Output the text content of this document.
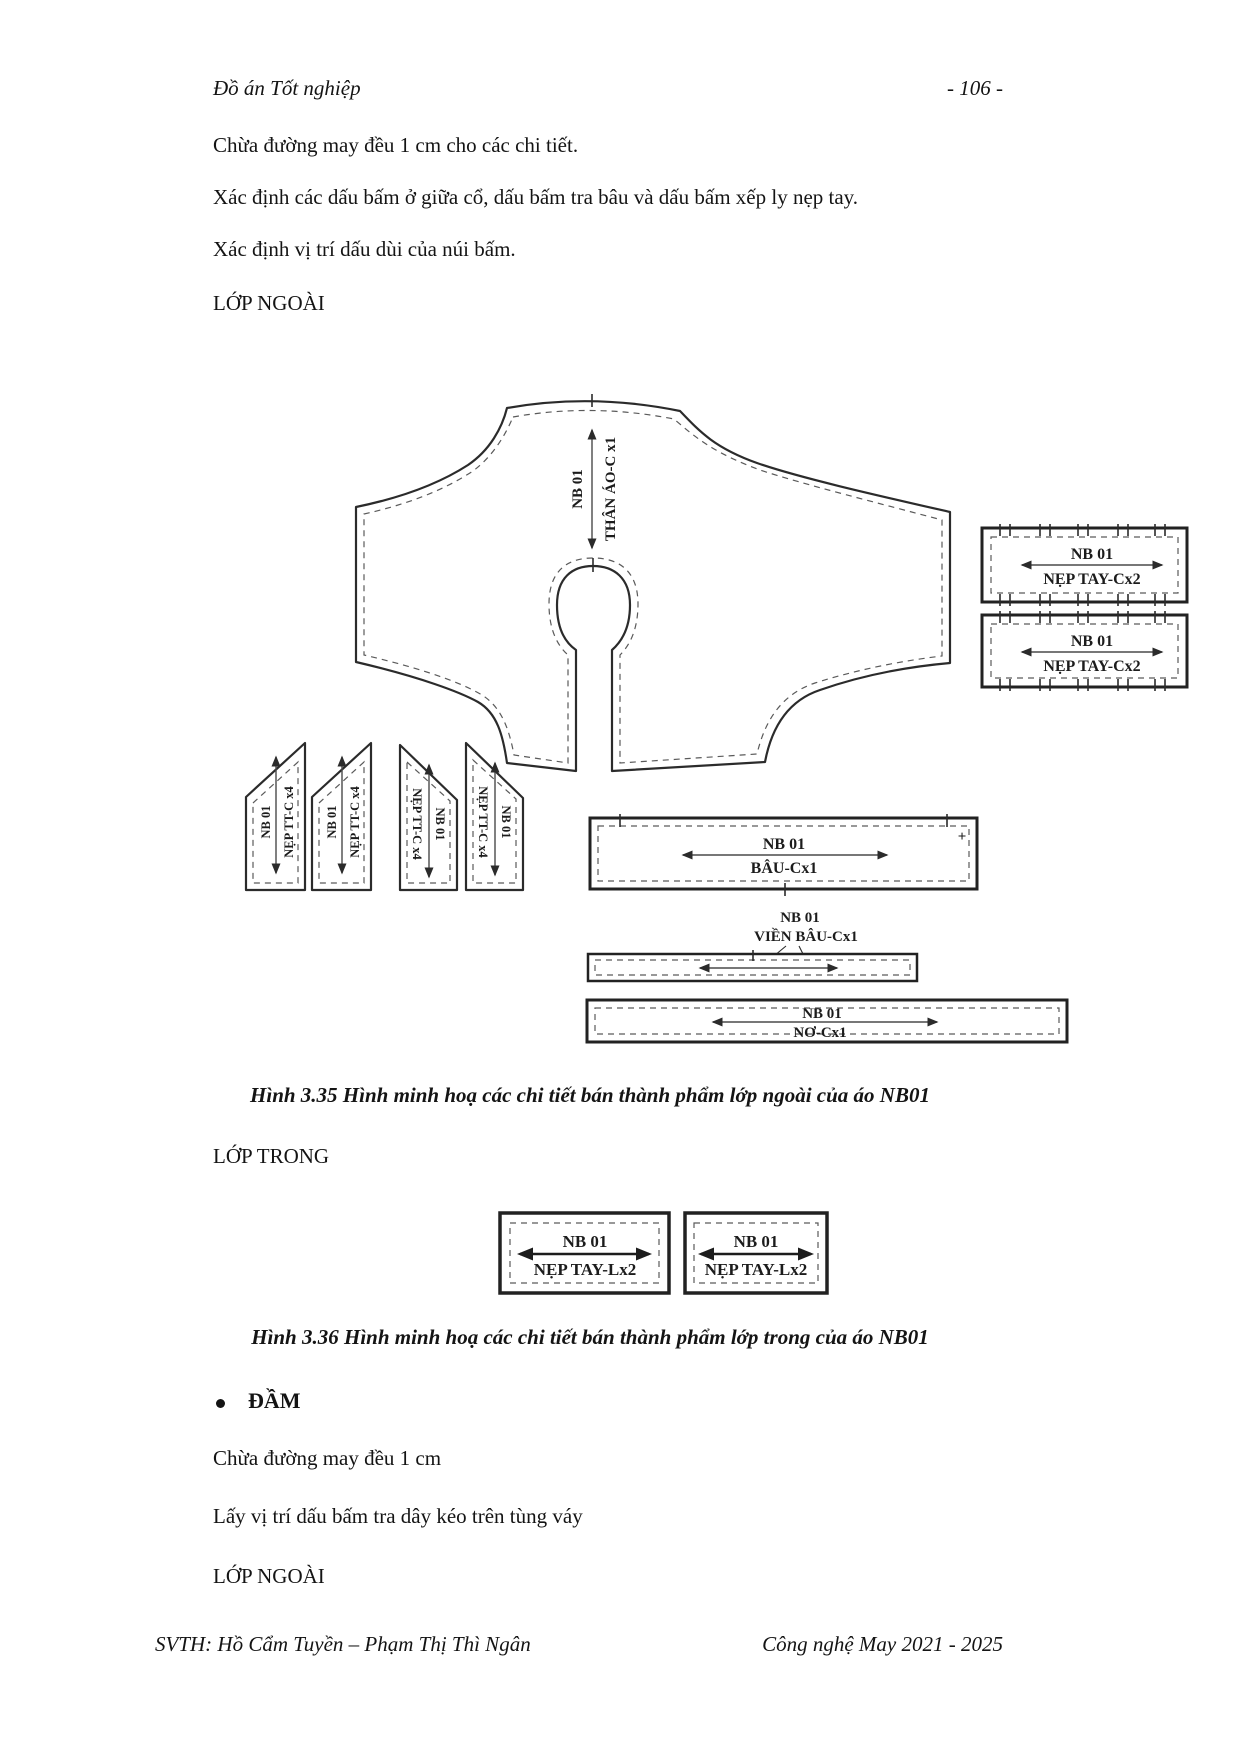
Đồ án Tốt nghiệp	- 106 -
Chừa đường may đều 1 cm cho các chi tiết.
Xác định các dấu bấm ở giữa cổ, dấu bấm tra bâu và dấu bấm xếp ly nẹp tay.
Xác định vị trí dấu dùi của núi bấm.
LỚP NGOÀI
NB 01 THÂN ÁO-C x1
NB 01 NẸP TT-C x4 NB 01 NẸP TT-C x4	NB 01
NẸP TT-C x4	NB 01
NẸP TT-C x4
NB 01
NẸP TAY-Cx2
NB 01
NẸP TAY-Cx2
NB 01
BÂU-Cx1
+
NB 01
VIỀN BÂU-Cx1
NB 01
NƠ-Cx1
NB 01
NẸP TAY-Lx2
NB 01
NẸP TAY-Lx2
Hình 3.35 Hình minh hoạ các chi tiết bán thành phẩm lớp ngoài của áo NB01
LỚP TRONG
Hình 3.36 Hình minh hoạ các chi tiết bán thành phẩm lớp trong của áo NB01
ĐẦM
Chừa đường may đều 1 cm
Lấy vị trí dấu bấm tra dây kéo trên tùng váy
LỚP NGOÀI
SVTH: Hồ Cẩm Tuyền – Phạm Thị Thì Ngân	Công nghệ May 2021 - 2025
